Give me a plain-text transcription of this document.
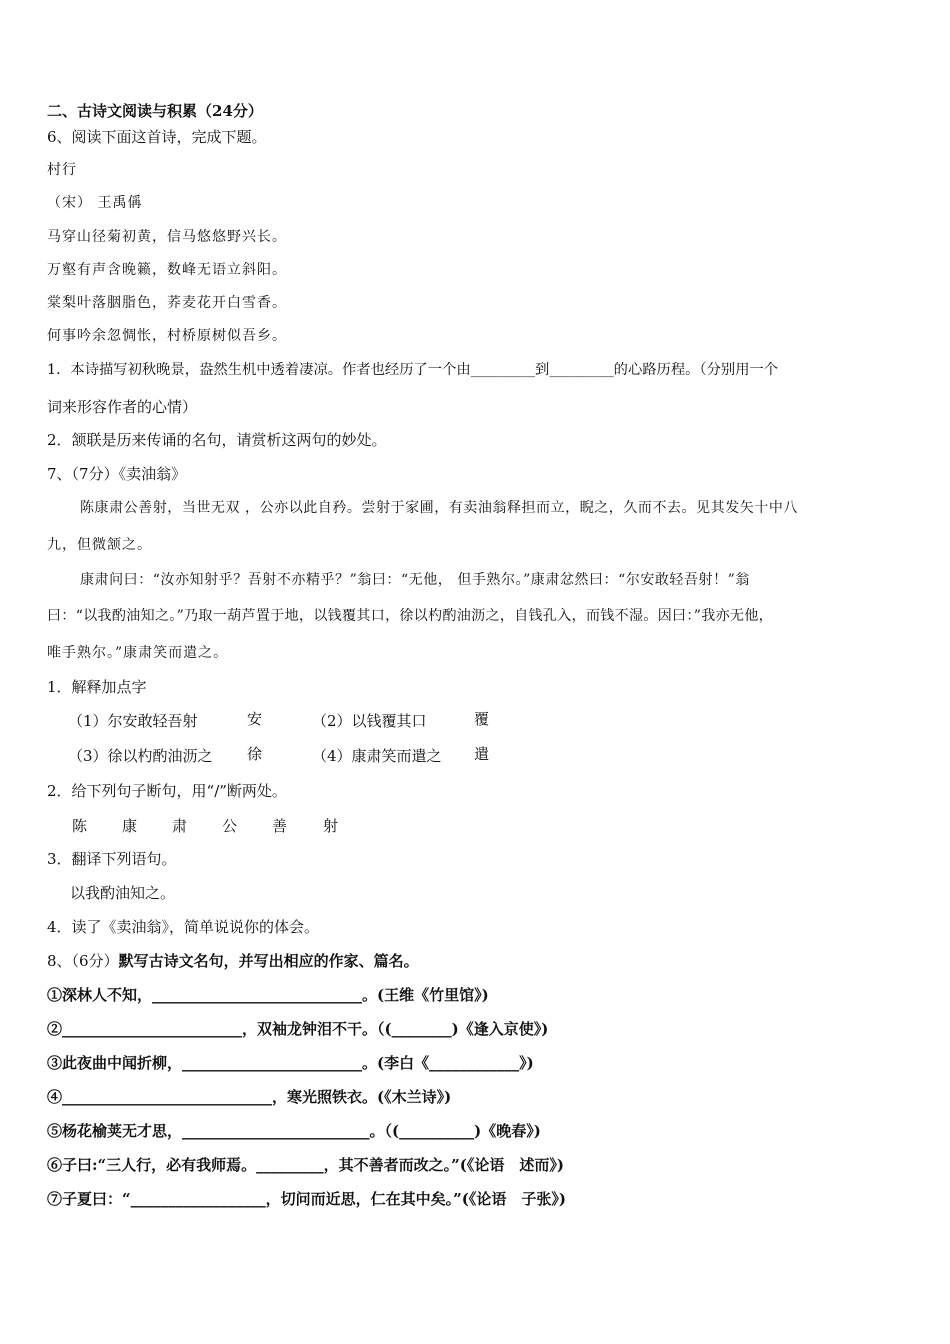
二、古诗文阅读与积累（24分）
6、阅读下面这首诗，完成下题。
村行
（宋） 王禹偁
马穿山径菊初黄，信马悠悠野兴长。
万壑有声含晚籁，数峰无语立斜阳。
棠梨叶落胭脂色，荞麦花开白雪香。
何事吟余忽惆怅，村桥原树似吾乡。
1．本诗描写初秋晚景，盎然生机中透着凄凉。作者也经历了一个由_________到_________的心路历程。（分别用一个
词来形容作者的心情）
2．颔联是历来传诵的名句，请赏析这两句的妙处。
7、（7分）《卖油翁》
陈康肃公善射，当世无双 ，公亦以此自矜。尝射于家圃，有卖油翁释担而立，睨之，久而不去。见其发矢十中八
九，但微颔之。
康肃问曰：“汝亦知射乎？吾射不亦精乎？”翁曰：“无他， 但手熟尔。”康肃忿然曰：“尔安敢轻吾射！”翁
曰：“以我酌油知之。”乃取一葫芦置于地，以钱覆其口，徐以杓酌油沥之，自钱孔入，而钱不湿。因曰：”我亦无他，
唯手熟尔。”康肃笑而遣之。
1．解释加点字
（1）尔安敢轻吾射	安	（2）以钱覆其口	覆
（3）徐以杓酌油沥之 徐	（4）康肃笑而遣之 遣
2．给下列句子断句，用“/”断两处。
陈 康 肃 公 善 射
3．翻译下列语句。
以我酌油知之。
4．读了《卖油翁》，简单说说你的体会。
8、（6分）默写古诗文名句，并写出相应的作家、篇名。
①深林人不知，____________________________。(王维《竹里馆》)
②________________________，双袖龙钟泪不干。（(________)《逢入京使》)
③此夜曲中闻折柳，________________________。(李白《____________》)
④____________________________，寒光照铁衣。(《木兰诗》)
⑤杨花榆荚无才思，_________________________。（(__________)《晚春》)
⑥子曰:“三人行，必有我师焉。_________，其不善者而改之。”(《论语　述而》)
⑦子夏曰：“__________________，切问而近思，仁在其中矣。”(《论语　子张》)
